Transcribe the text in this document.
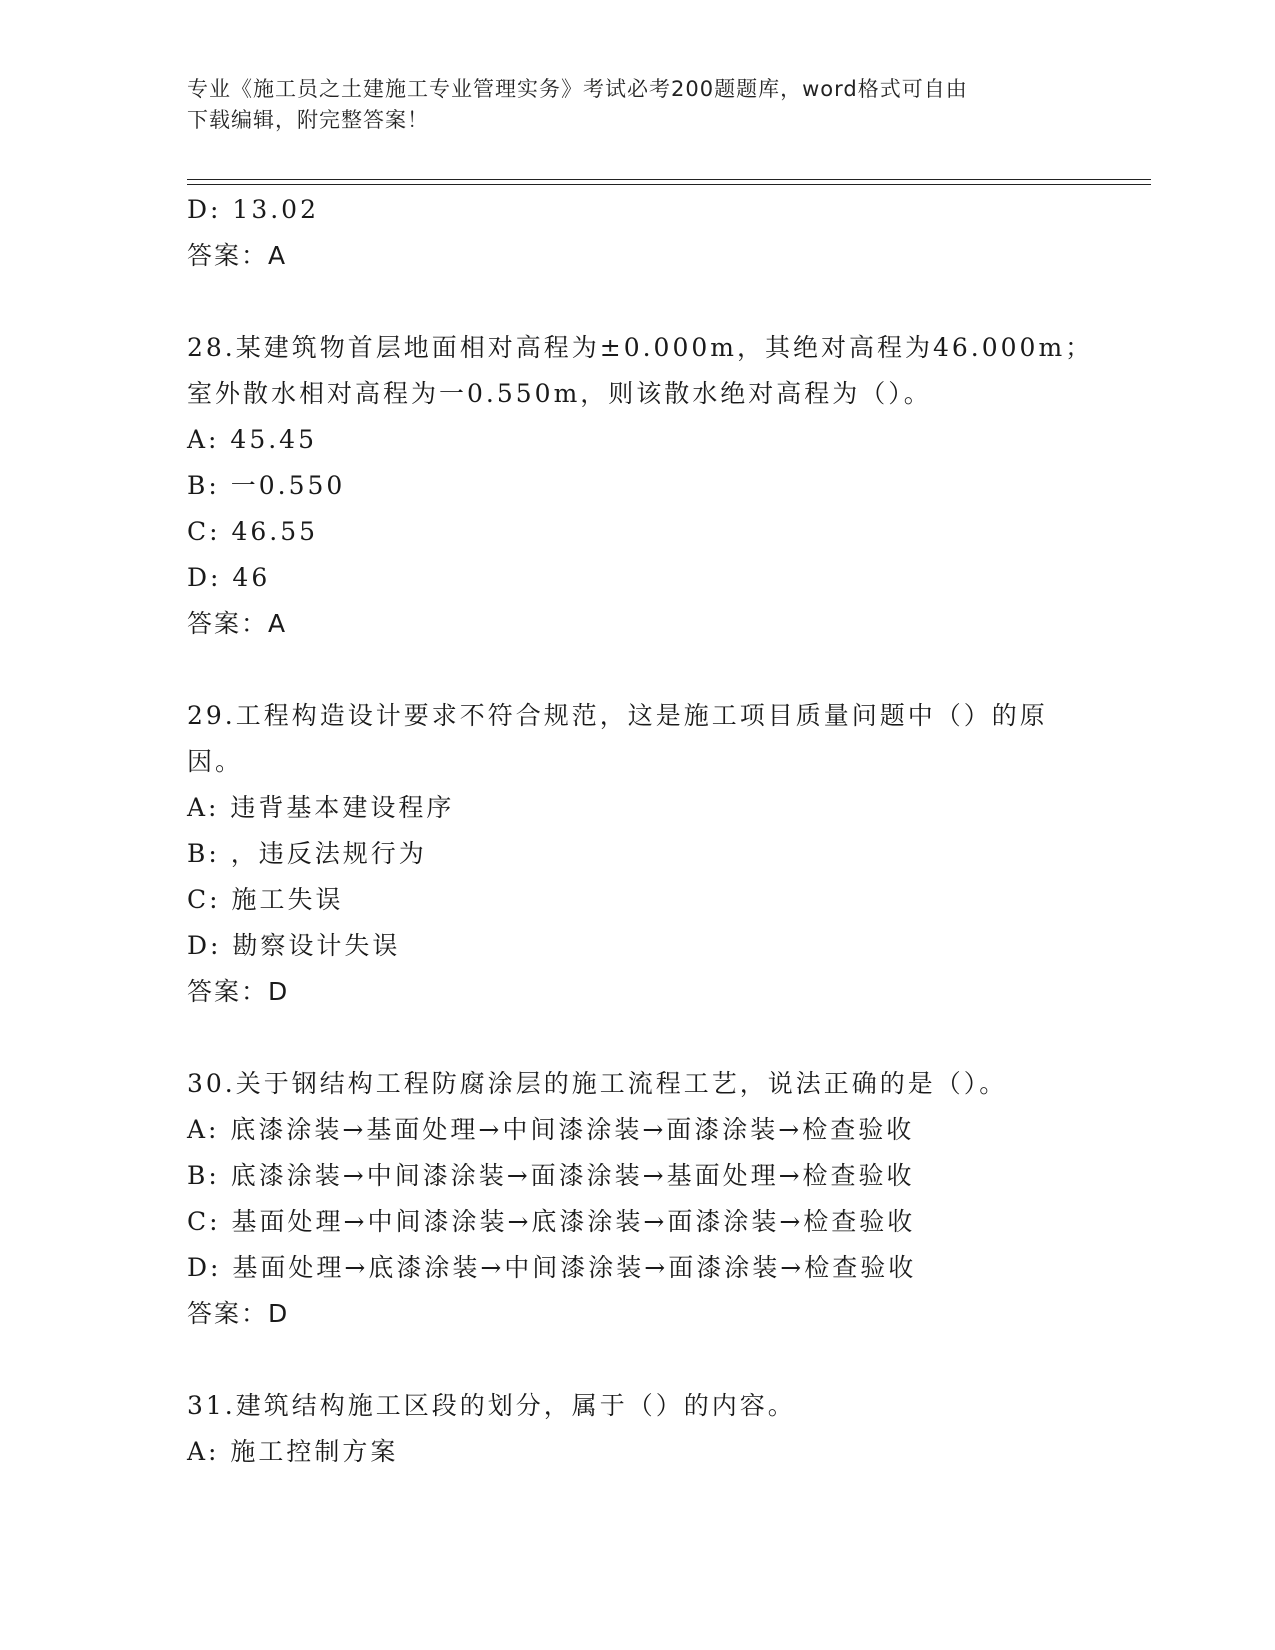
专业《施工员之土建施工专业管理实务》考试必考200题题库，word格式可自由
下载编辑，附完整答案！
D: 13.02
答案：A
28.某建筑物首层地面相对高程为±0.000m，其绝对高程为46.000m；
室外散水相对高程为一0.550m，则该散水绝对高程为（）。
A: 45.45
B: 一0.550
C: 46.55
D: 46
答案：A
29.工程构造设计要求不符合规范，这是施工项目质量问题中（）的原
因。
A: 违背基本建设程序
B: ，违反法规行为
C: 施工失误
D: 勘察设计失误
答案：D
30.关于钢结构工程防腐涂层的施工流程工艺，说法正确的是（）。
A: 底漆涂装→基面处理→中间漆涂装→面漆涂装→检查验收
B: 底漆涂装→中间漆涂装→面漆涂装→基面处理→检查验收
C: 基面处理→中间漆涂装→底漆涂装→面漆涂装→检查验收
D: 基面处理→底漆涂装→中间漆涂装→面漆涂装→检查验收
答案：D
31.建筑结构施工区段的划分，属于（）的内容。
A: 施工控制方案
